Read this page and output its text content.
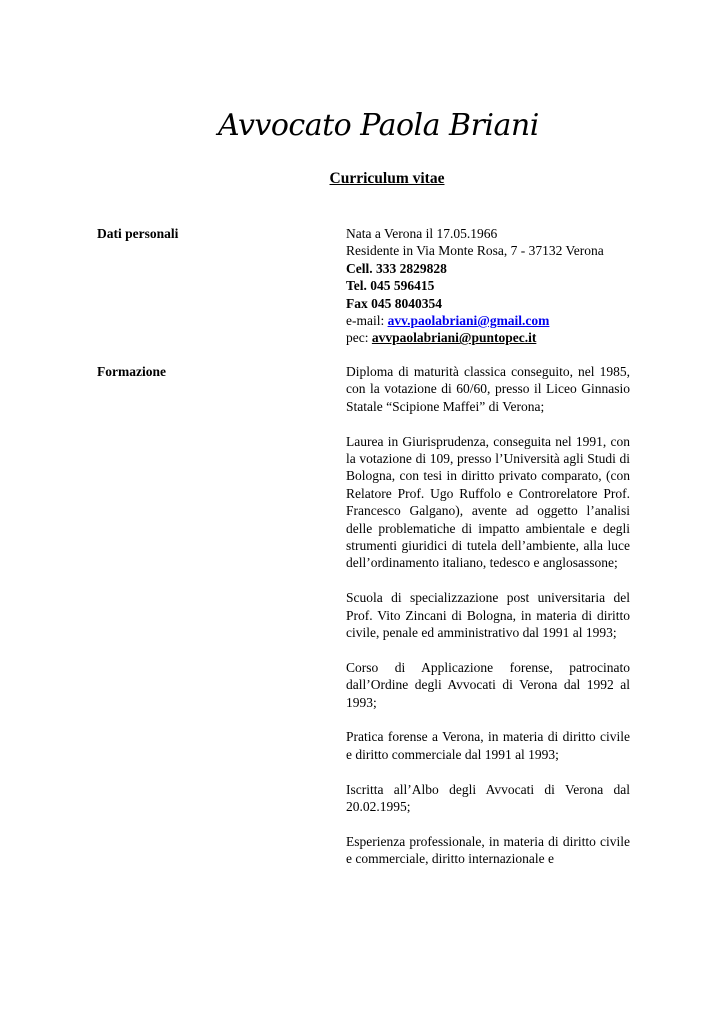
Avvocato Paola Briani
Curriculum vitae
Dati personali	Nata a Verona il 17.05.1966
Residente in Via Monte Rosa, 7 - 37132 Verona
Cell. 333 2829828
Tel. 045 596415
Fax 045 8040354
e-mail: avv.paolabriani@gmail.com
pec: avvpaolabriani@puntopec.it
Formazione	Diploma di maturità classica conseguito, nel 1985, con la votazione di 60/60, presso il Liceo Ginnasio Statale “Scipione Maffei” di Verona;

Laurea in Giurisprudenza, conseguita nel 1991, con la votazione di 109, presso l’Università agli Studi di Bologna, con tesi in diritto privato comparato, (con Relatore Prof. Ugo Ruffolo e Controrelatore Prof. Francesco Galgano), avente ad oggetto l’analisi delle problematiche di impatto ambientale e degli strumenti giuridici di tutela dell’ambiente, alla luce dell’ordinamento italiano, tedesco e anglosassone;

Scuola di specializzazione post universitaria del Prof. Vito Zincani di Bologna, in materia di diritto civile, penale ed amministrativo dal 1991 al 1993;

Corso di Applicazione forense, patrocinato dall’Ordine degli Avvocati di Verona dal 1992 al 1993;

Pratica forense a Verona, in materia di diritto civile e diritto commerciale dal 1991 al 1993;

Iscritta all’Albo degli Avvocati di Verona dal 20.02.1995;

Esperienza professionale, in materia di diritto civile e commerciale, diritto internazionale e
